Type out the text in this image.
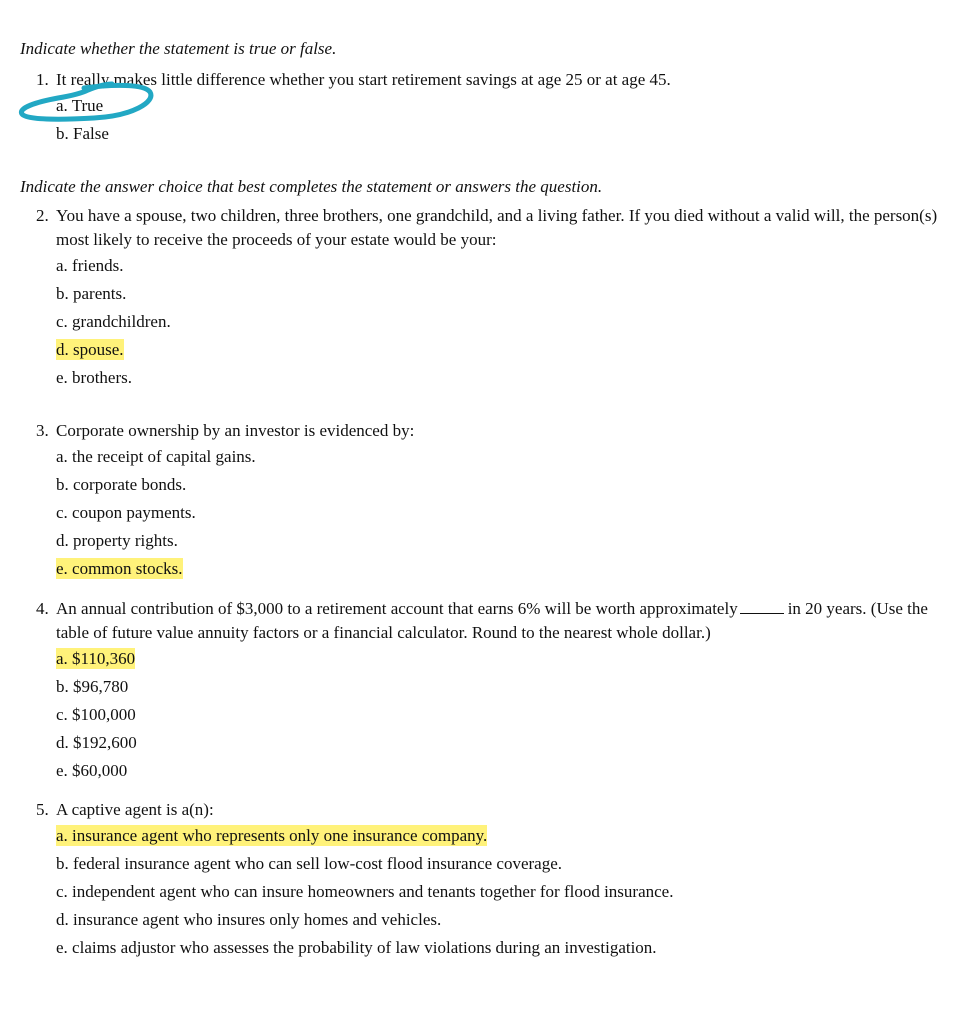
Indicate whether the statement is true or false.
1. It really makes little difference whether you start retirement savings at age 25 or at age 45.
a. True
b. False
Indicate the answer choice that best completes the statement or answers the question.
2. You have a spouse, two children, three brothers, one grandchild, and a living father. If you died without a valid will, the person(s) most likely to receive the proceeds of your estate would be your:
a. friends.
b. parents.
c. grandchildren.
d. spouse.
e. brothers.
3. Corporate ownership by an investor is evidenced by:
a. the receipt of capital gains.
b. corporate bonds.
c. coupon payments.
d. property rights.
e. common stocks.
4. An annual contribution of $3,000 to a retirement account that earns 6% will be worth approximately	in 20 years. (Use the table of future value annuity factors or a financial calculator. Round to the nearest whole dollar.)
a. $110,360
b. $96,780
c. $100,000
d. $192,600
e. $60,000
5. A captive agent is a(n):
a. insurance agent who represents only one insurance company.
b. federal insurance agent who can sell low-cost flood insurance coverage.
c. independent agent who can insure homeowners and tenants together for flood insurance.
d. insurance agent who insures only homes and vehicles.
e. claims adjustor who assesses the probability of law violations during an investigation.
